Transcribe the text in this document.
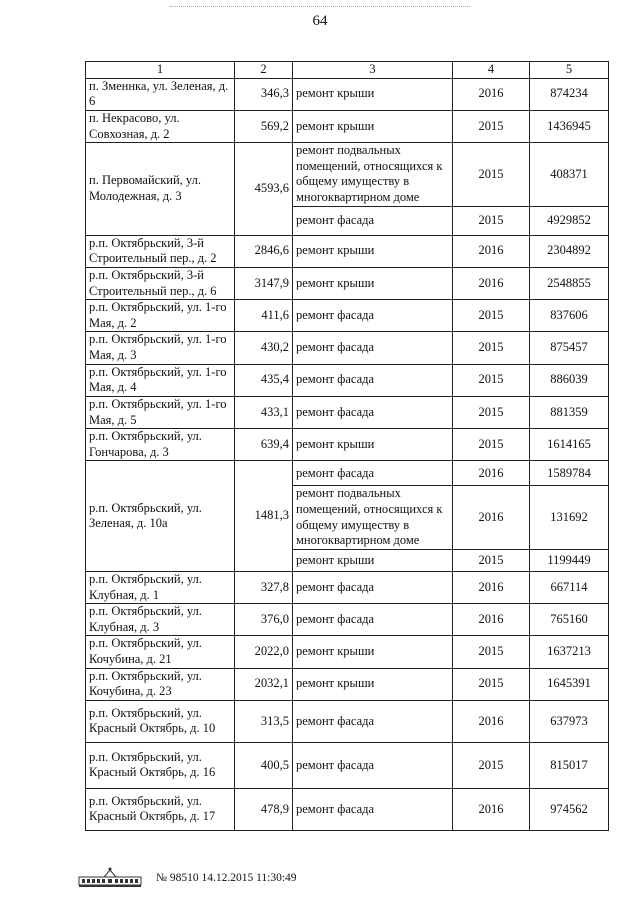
64
1	2	3	4	5
п. Зменнка, ул. Зеленая, д. 6	346,3	ремонт крыши	2016	874234
п. Некрасово, ул. Совхозная, д. 2	569,2	ремонт крыши	2015	1436945
п. Первомайский, ул. Молодежная, д. 3	4593,6	ремонт подвальных помещений, относящихся к общему имуществу в многоквартирном доме	2015	408371
		ремонт фасада	2015	4929852
р.п. Октябрьский, 3-й Строительный пер., д. 2	2846,6	ремонт крыши	2016	2304892
р.п. Октябрьский, 3-й Строительный пер., д. 6	3147,9	ремонт крыши	2016	2548855
р.п. Октябрьский, ул. 1-го Мая, д. 2	411,6	ремонт фасада	2015	837606
р.п. Октябрьский, ул. 1-го Мая, д. 3	430,2	ремонт фасада	2015	875457
р.п. Октябрьский, ул. 1-го Мая, д. 4	435,4	ремонт фасада	2015	886039
р.п. Октябрьский, ул. 1-го Мая, д. 5	433,1	ремонт фасада	2015	881359
р.п. Октябрьский, ул. Гончарова, д. 3	639,4	ремонт крыши	2015	1614165
р.п. Октябрьский, ул. Зеленая, д. 10а	1481,3	ремонт фасада	2016	1589784
		ремонт подвальных помещений, относящихся к общему имуществу в многоквартирном доме	2016	131692
		ремонт крыши	2015	1199449
р.п. Октябрьский, ул. Клубная, д. 1	327,8	ремонт фасада	2016	667114
р.п. Октябрьский, ул. Клубная, д. 3	376,0	ремонт фасада	2016	765160
р.п. Октябрьский, ул. Кочубина, д. 21	2022,0	ремонт крыши	2015	1637213
р.п. Октябрьский, ул. Кочубина, д. 23	2032,1	ремонт крыши	2015	1645391
р.п. Октябрьский, ул. Красный Октябрь, д. 10	313,5	ремонт фасада	2016	637973
р.п. Октябрьский, ул. Красный Октябрь, д. 16	400,5	ремонт фасада	2015	815017
р.п. Октябрьский, ул. Красный Октябрь, д. 17	478,9	ремонт фасада	2016	974562
№ 98510 14.12.2015 11:30:49
